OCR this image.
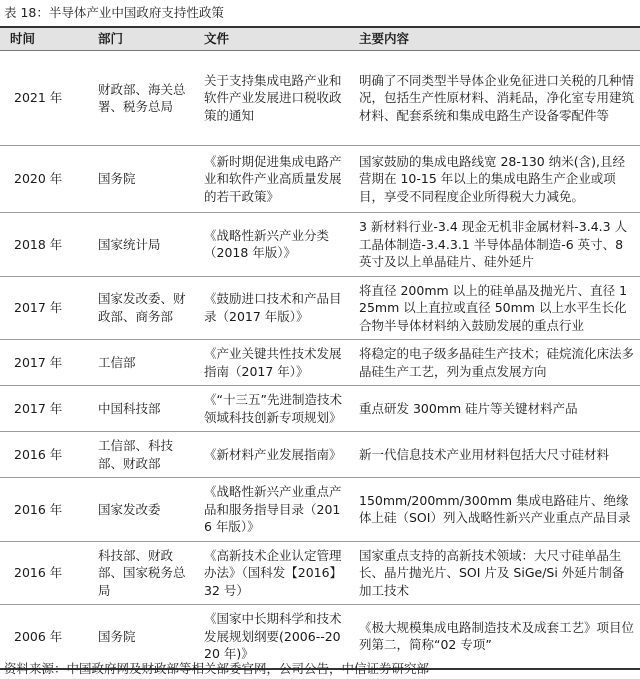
表 18：半导体产业中国政府支持性政策
时间	部门	文件	主要内容
2021 年	财政部、海关总署、税务总局	关于支持集成电路产业和软件产业发展进口税收政策的通知	明确了不同类型半导体企业免征进口关税的几种情况，包括生产性原材料、消耗品，净化室专用建筑材料、配套系统和集成电路生产设备零配件等
2020 年	国务院	《新时期促进集成电路产业和软件产业高质量发展的若干政策》	国家鼓励的集成电路线宽 28-130 纳米(含),且经营期在 10-15 年以上的集成电路生产企业或项目，享受不同程度企业所得税大力减免。
2018 年	国家统计局	《战略性新兴产业分类（2018 年版）》	3 新材料行业-3.4 现金无机非金属材料-3.4.3 人工晶体制造-3.4.3.1 半导体晶体制造-6 英寸、8 英寸及以上单晶硅片、硅外延片
2017 年	国家发改委、财政部、商务部	《鼓励进口技术和产品目录（2017 年版）》	将直径 200mm 以上的硅单晶及抛光片、直径 125mm 以上直拉或直径 50mm 以上水平生长化合物半导体材料纳入鼓励发展的重点行业
2017 年	工信部	《产业关键共性技术发展指南（2017 年）》	将稳定的电子级多晶硅生产技术；硅烷流化床法多晶硅生产工艺，列为重点发展方向
2017 年	中国科技部	《“十三五”先进制造技术领域科技创新专项规划》	重点研发 300mm 硅片等关键材料产品
2016 年	工信部、科技部、财政部	《新材料产业发展指南》	新一代信息技术产业用材料包括大尺寸硅材料
2016 年	国家发改委	《战略性新兴产业重点产品和服务指导目录（2016 年版）》	150mm/200mm/300mm 集成电路硅片、绝缘体上硅（SOI）列入战略性新兴产业重点产品目录
2016 年	科技部、财政部、国家税务总局	《高新技术企业认定管理办法》（国科发【2016】32 号）	国家重点支持的高新技术领域：大尺寸硅单晶生长、晶片抛光片、SOI 片及 SiGe/Si 外延片制备加工技术
2006 年	国务院	《国家中长期科学和技术发展规划纲要(2006--2020 年)》	《极大规模集成电路制造技术及成套工艺》项目位列第二，简称“02 专项”
资料来源：中国政府网及财政部等相关部委官网，公司公告，中信证券研究部
